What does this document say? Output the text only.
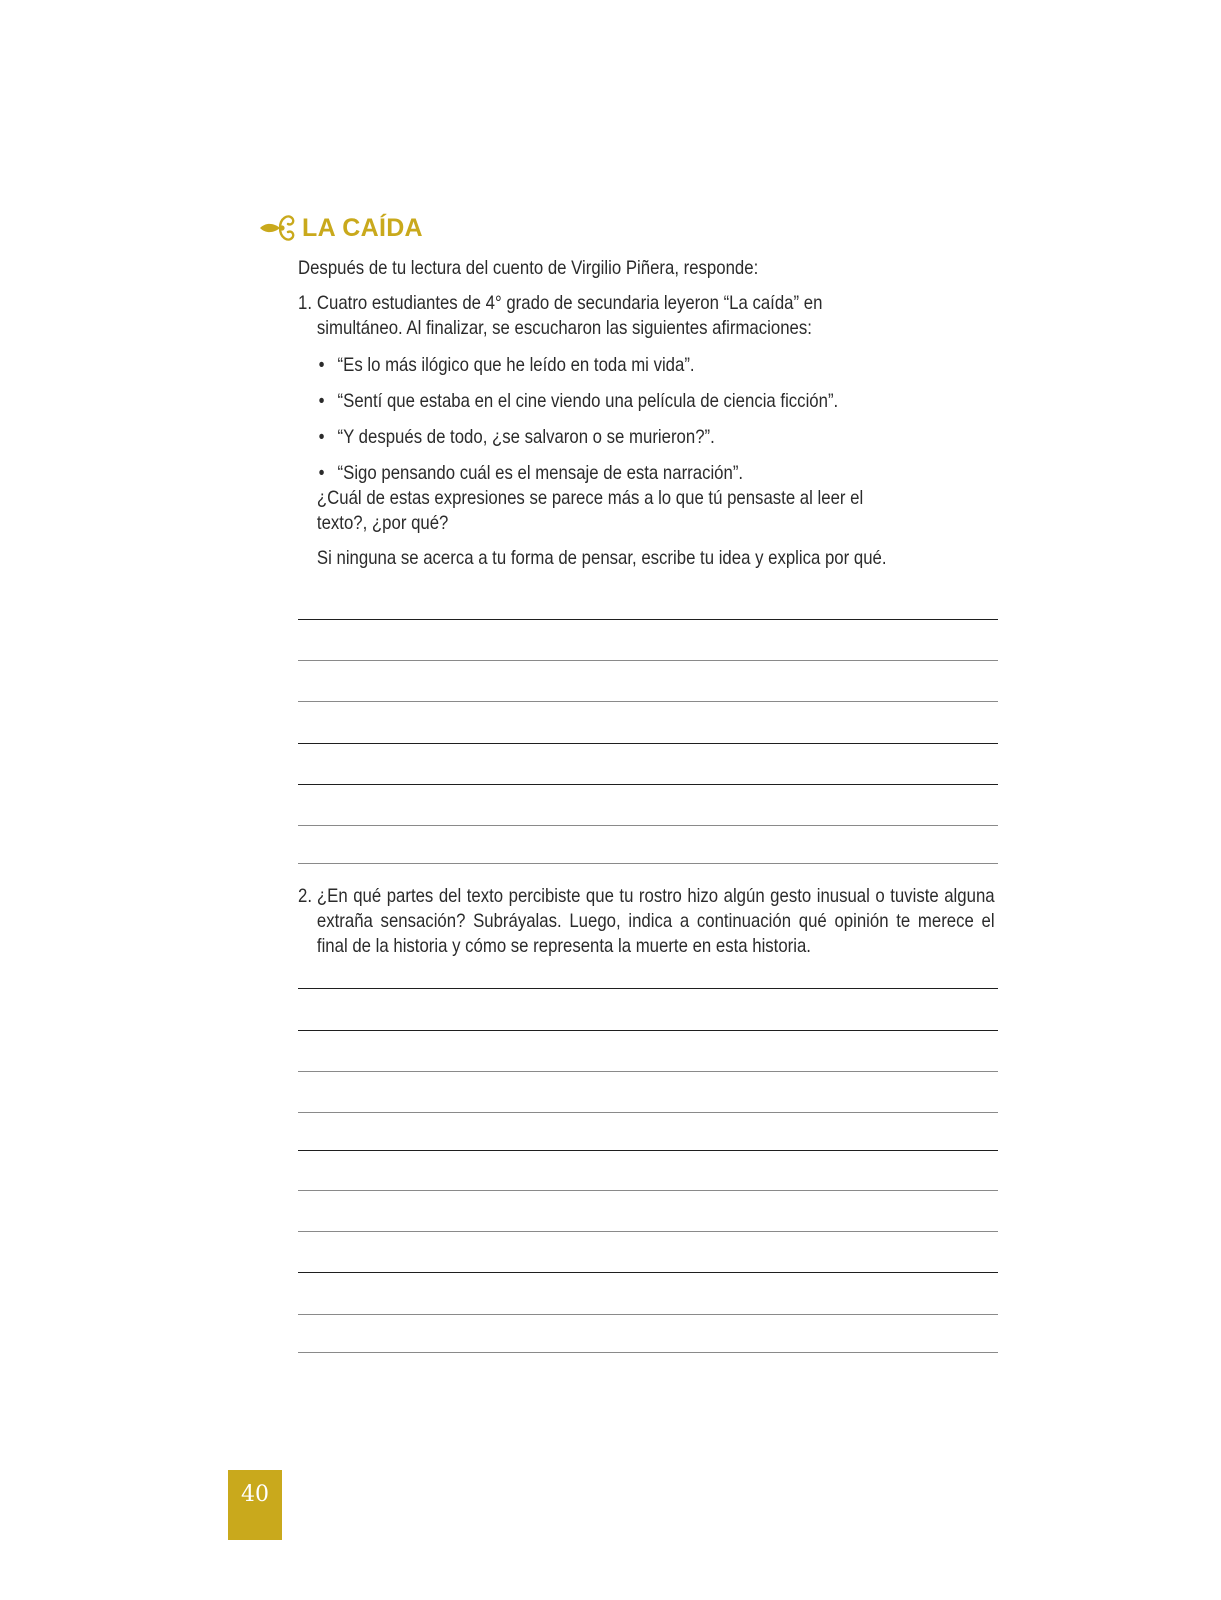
LA CAÍDA

Después de tu lectura del cuento de Virgilio Piñera, responde:

1. Cuatro estudiantes de 4° grado de secundaria leyeron “La caída” en simultáneo. Al finalizar, se escucharon las siguientes afirmaciones:
• “Es lo más ilógico que he leído en toda mi vida”.
• “Sentí que estaba en el cine viendo una película de ciencia ficción”.
• “Y después de todo, ¿se salvaron o se murieron?”.
• “Sigo pensando cuál es el mensaje de esta narración”.

¿Cuál de estas expresiones se parece más a lo que tú pensaste al leer el texto?, ¿por qué?

Si ninguna se acerca a tu forma de pensar, escribe tu idea y explica por qué.

2. ¿En qué partes del texto percibiste que tu rostro hizo algún gesto inusual o tuviste alguna extraña sensación? Subráyalas. Luego, indica a continuación qué opinión te merece el final de la historia y cómo se representa la muerte en esta historia.
40
